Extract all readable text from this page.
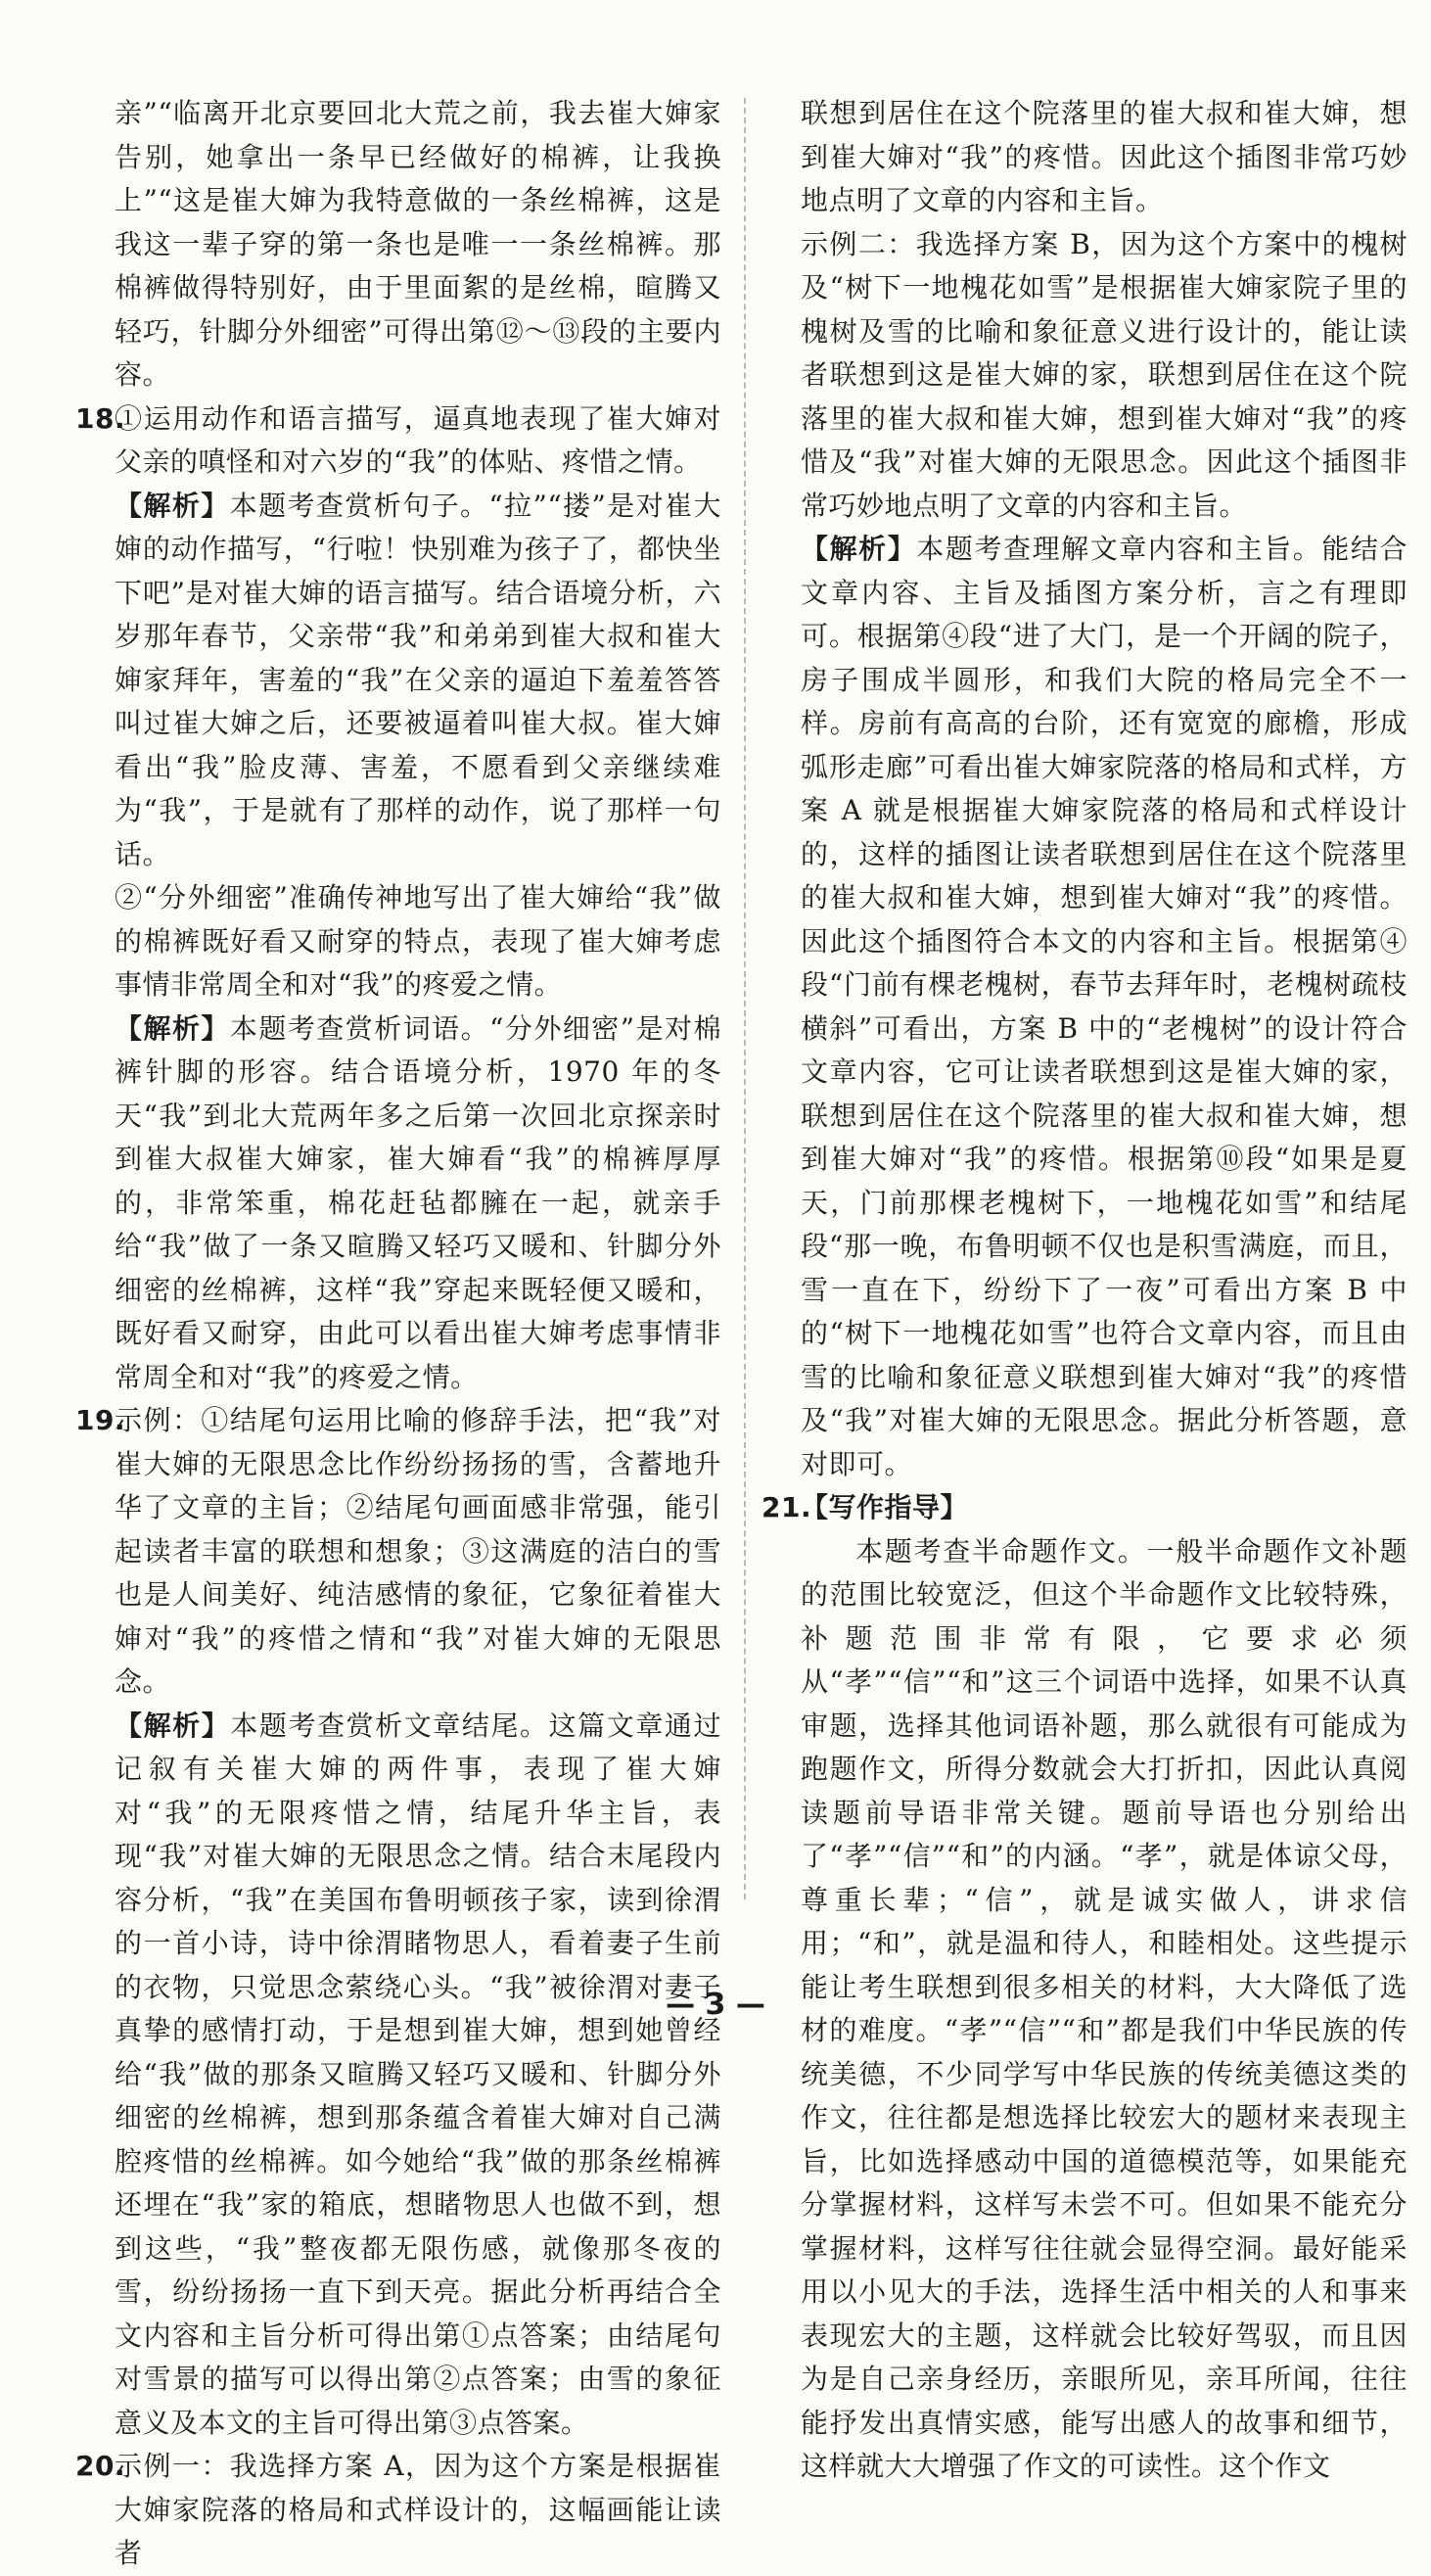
亲”“临离开北京要回北大荒之前，我去崔大婶家告别，她拿出一条早已经做好的棉裤，让我换上”“这是崔大婶为我特意做的一条丝棉裤，这是我这一辈子穿的第一条也是唯一一条丝棉裤。那棉裤做得特别好，由于里面絮的是丝棉，暄腾又轻巧，针脚分外细密”可得出第⑫～⑬段的主要内容。

18.

①运用动作和语言描写，逼真地表现了崔大婶对父亲的嗔怪和对六岁的“我”的体贴、疼惜之情。

【解析】本题考查赏析句子。“拉”“搂”是对崔大婶的动作描写，“行啦！快别难为孩子了，都快坐下吧”是对崔大婶的语言描写。结合语境分析，六岁那年春节，父亲带“我”和弟弟到崔大叔和崔大婶家拜年，害羞的“我”在父亲的逼迫下羞羞答答叫过崔大婶之后，还要被逼着叫崔大叔。崔大婶看出“我”脸皮薄、害羞，不愿看到父亲继续难为“我”，于是就有了那样的动作，说了那样一句话。

②“分外细密”准确传神地写出了崔大婶给“我”做的棉裤既好看又耐穿的特点，表现了崔大婶考虑事情非常周全和对“我”的疼爱之情。

【解析】本题考查赏析词语。“分外细密”是对棉裤针脚的形容。结合语境分析，1970 年的冬天“我”到北大荒两年多之后第一次回北京探亲时到崔大叔崔大婶家，崔大婶看“我”的棉裤厚厚的，非常笨重，棉花赶毡都臃在一起，就亲手给“我”做了一条又暄腾又轻巧又暖和、针脚分外细密的丝棉裤，这样“我”穿起来既轻便又暖和，既好看又耐穿，由此可以看出崔大婶考虑事情非常周全和对“我”的疼爱之情。

19.

示例：①结尾句运用比喻的修辞手法，把“我”对崔大婶的无限思念比作纷纷扬扬的雪，含蓄地升华了文章的主旨；②结尾句画面感非常强，能引起读者丰富的联想和想象；③这满庭的洁白的雪也是人间美好、纯洁感情的象征，它象征着崔大婶对“我”的疼惜之情和“我”对崔大婶的无限思念。

【解析】本题考查赏析文章结尾。这篇文章通过记叙有关崔大婶的两件事，表现了崔大婶对“我”的无限疼惜之情，结尾升华主旨，表现“我”对崔大婶的无限思念之情。结合末尾段内容分析，“我”在美国布鲁明顿孩子家，读到徐渭的一首小诗，诗中徐渭睹物思人，看着妻子生前的衣物，只觉思念萦绕心头。“我”被徐渭对妻子真挚的感情打动，于是想到崔大婶，想到她曾经给“我”做的那条又暄腾又轻巧又暖和、针脚分外细密的丝棉裤，想到那条蕴含着崔大婶对自己满腔疼惜的丝棉裤。如今她给“我”做的那条丝棉裤还埋在“我”家的箱底，想睹物思人也做不到，想到这些，“我”整夜都无限伤感，就像那冬夜的雪，纷纷扬扬一直下到天亮。据此分析再结合全文内容和主旨分析可得出第①点答案；由结尾句对雪景的描写可以得出第②点答案；由雪的象征意义及本文的主旨可得出第③点答案。

20.

示例一：我选择方案 A，因为这个方案是根据崔大婶家院落的格局和式样设计的，这幅画能让读者

联想到居住在这个院落里的崔大叔和崔大婶，想到崔大婶对“我”的疼惜。因此这个插图非常巧妙地点明了文章的内容和主旨。

示例二：我选择方案 B，因为这个方案中的槐树及“树下一地槐花如雪”是根据崔大婶家院子里的槐树及雪的比喻和象征意义进行设计的，能让读者联想到这是崔大婶的家，联想到居住在这个院落里的崔大叔和崔大婶，想到崔大婶对“我”的疼惜及“我”对崔大婶的无限思念。因此这个插图非常巧妙地点明了文章的内容和主旨。

【解析】本题考查理解文章内容和主旨。能结合文章内容、主旨及插图方案分析，言之有理即可。根据第④段“进了大门，是一个开阔的院子，房子围成半圆形，和我们大院的格局完全不一样。房前有高高的台阶，还有宽宽的廊檐，形成弧形走廊”可看出崔大婶家院落的格局和式样，方案 A 就是根据崔大婶家院落的格局和式样设计的，这样的插图让读者联想到居住在这个院落里的崔大叔和崔大婶，想到崔大婶对“我”的疼惜。因此这个插图符合本文的内容和主旨。根据第④段“门前有棵老槐树，春节去拜年时，老槐树疏枝横斜”可看出，方案 B 中的“老槐树”的设计符合文章内容，它可让读者联想到这是崔大婶的家，联想到居住在这个院落里的崔大叔和崔大婶，想到崔大婶对“我”的疼惜。根据第⑩段“如果是夏天，门前那棵老槐树下，一地槐花如雪”和结尾段“那一晚，布鲁明顿不仅也是积雪满庭，而且，雪一直在下，纷纷下了一夜”可看出方案 B 中的“树下一地槐花如雪”也符合文章内容，而且由雪的比喻和象征意义联想到崔大婶对“我”的疼惜及“我”对崔大婶的无限思念。据此分析答题，意对即可。

21.

【写作指导】

本题考查半命题作文。一般半命题作文补题的范围比较宽泛，但这个半命题作文比较特殊，补题范围非常有限，它要求必须从“孝”“信”“和”这三个词语中选择，如果不认真审题，选择其他词语补题，那么就很有可能成为跑题作文，所得分数就会大打折扣，因此认真阅读题前导语非常关键。题前导语也分别给出了“孝”“信”“和”的内涵。“孝”，就是体谅父母，尊重长辈；“信”，就是诚实做人，讲求信用；“和”，就是温和待人，和睦相处。这些提示能让考生联想到很多相关的材料，大大降低了选材的难度。“孝”“信”“和”都是我们中华民族的传统美德，不少同学写中华民族的传统美德这类的作文，往往都是想选择比较宏大的题材来表现主旨，比如选择感动中国的道德模范等，如果能充分掌握材料，这样写未尝不可。但如果不能充分掌握材料，这样写往往就会显得空洞。最好能采用以小见大的手法，选择生活中相关的人和事来表现宏大的主题，这样就会比较好驾驭，而且因为是自己亲身经历，亲眼所见，亲耳所闻，往往能抒发出真情实感，能写出感人的故事和细节，这样就大大增强了作文的可读性。这个作文

— 3 —
